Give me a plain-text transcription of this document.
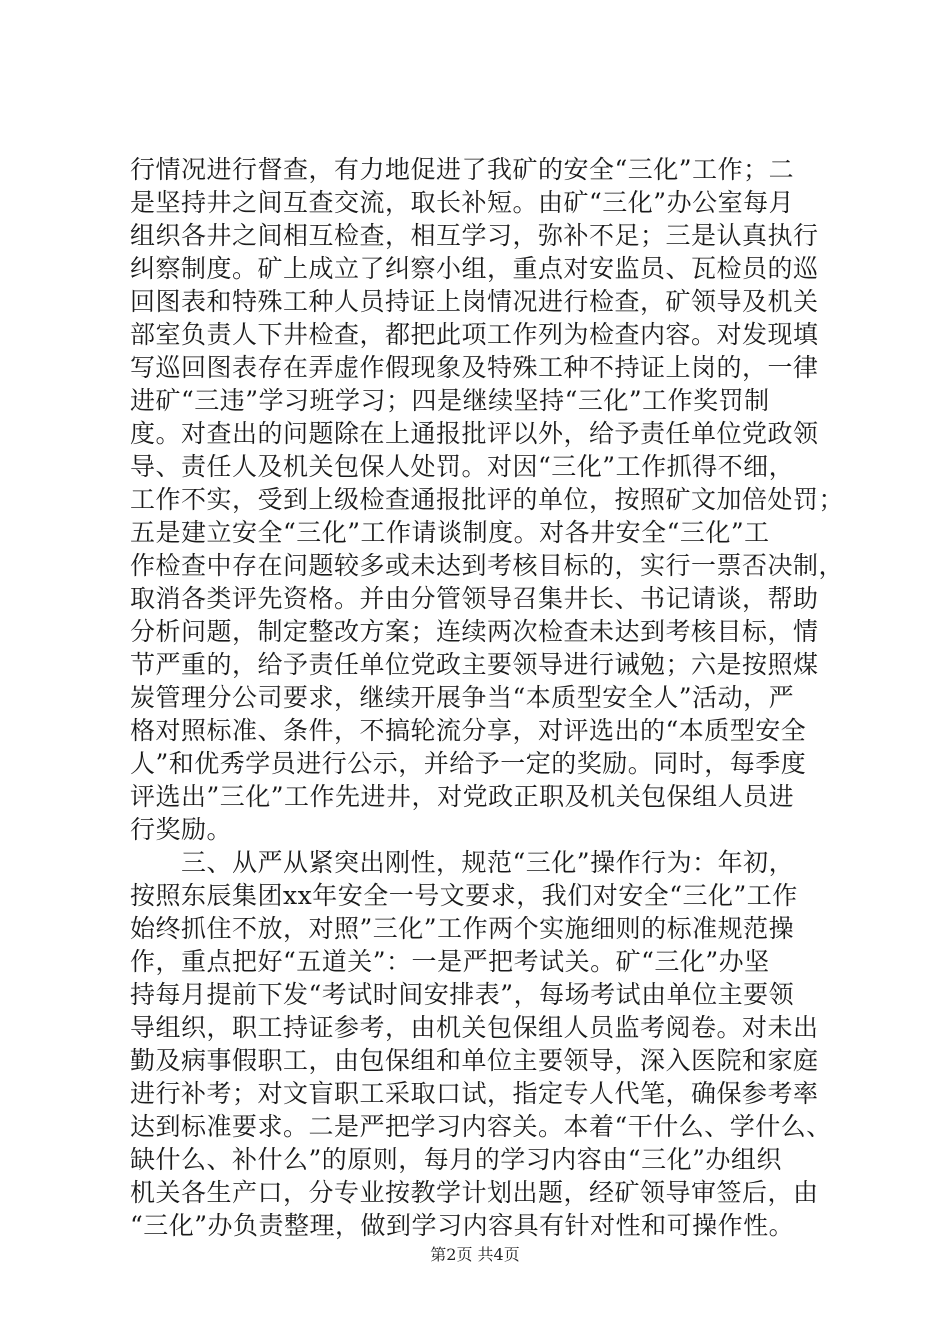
行情况进行督查，有力地促进了我矿的安全“三化”工作；二
是坚持井之间互查交流，取长补短。由矿“三化”办公室每月
组织各井之间相互检查，相互学习，弥补不足；三是认真执行
纠察制度。矿上成立了纠察小组，重点对安监员、瓦检员的巡
回图表和特殊工种人员持证上岗情况进行检查，矿领导及机关
部室负责人下井检查，都把此项工作列为检查内容。对发现填
写巡回图表存在弄虚作假现象及特殊工种不持证上岗的，一律
进矿“三违”学习班学习；四是继续坚持“三化”工作奖罚制
度。对查出的问题除在上通报批评以外，给予责任单位党政领
导、责任人及机关包保人处罚。对因“三化”工作抓得不细，
工作不实，受到上级检查通报批评的单位，按照矿文加倍处罚；
五是建立安全“三化”工作请谈制度。对各井安全“三化”工
作检查中存在问题较多或未达到考核目标的，实行一票否决制，
取消各类评先资格。并由分管领导召集井长、书记请谈，帮助
分析问题，制定整改方案；连续两次检查未达到考核目标，情
节严重的，给予责任单位党政主要领导进行诫勉；六是按照煤
炭管理分公司要求，继续开展争当“本质型安全人”活动，严
格对照标准、条件，不搞轮流分享，对评选出的“本质型安全
人”和优秀学员进行公示，并给予一定的奖励。同时，每季度
评选出”三化”工作先进井，对党政正职及机关包保组人员进
行奖励。
　　三、从严从紧突出刚性，规范“三化”操作行为：年初，
按照东辰集团xx年安全一号文要求，我们对安全“三化”工作
始终抓住不放，对照”三化”工作两个实施细则的标准规范操
作，重点把好“五道关”：一是严把考试关。矿“三化”办坚
持每月提前下发“考试时间安排表”，每场考试由单位主要领
导组织，职工持证参考，由机关包保组人员监考阅卷。对未出
勤及病事假职工，由包保组和单位主要领导，深入医院和家庭
进行补考；对文盲职工采取口试，指定专人代笔，确保参考率
达到标准要求。二是严把学习内容关。本着“干什么、学什么、
缺什么、补什么”的原则，每月的学习内容由“三化”办组织
机关各生产口，分专业按教学计划出题，经矿领导审签后，由
“三化”办负责整理，做到学习内容具有针对性和可操作性。
第2页 共4页
